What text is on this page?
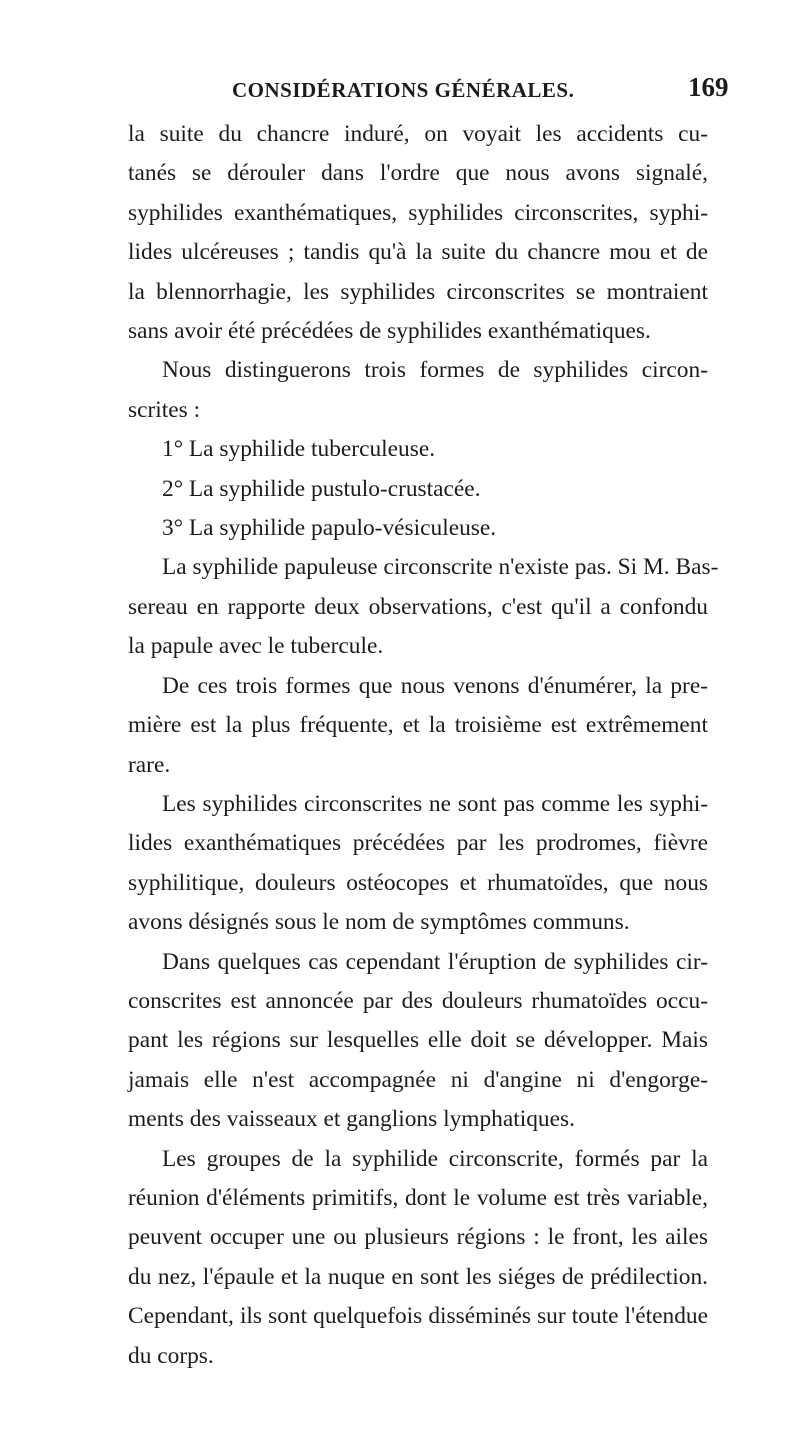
CONSIDÉRATIONS GÉNÉRALES.	169
la suite du chancre induré, on voyait les accidents cu-
tanés se dérouler dans l'ordre que nous avons signalé,
syphilides exanthématiques, syphilides circonscrites, syphi-
lides ulcéreuses ; tandis qu'à la suite du chancre mou et de
la blennorrhagie, les syphilides circonscrites se montraient
sans avoir été précédées de syphilides exanthématiques.
Nous distinguerons trois formes de syphilides circon-
scrites :
1° La syphilide tuberculeuse.
2° La syphilide pustulo-crustacée.
3° La syphilide papulo-vésiculeuse.
La syphilide papuleuse circonscrite n'existe pas. Si M. Bas-
sereau en rapporte deux observations, c'est qu'il a confondu
la papule avec le tubercule.
De ces trois formes que nous venons d'énumérer, la pre-
mière est la plus fréquente, et la troisième est extrêmement
rare.
Les syphilides circonscrites ne sont pas comme les syphi-
lides exanthématiques précédées par les prodromes, fièvre
syphilitique, douleurs ostéocopes et rhumatoïdes, que nous
avons désignés sous le nom de symptômes communs.
Dans quelques cas cependant l'éruption de syphilides cir-
conscrites est annoncée par des douleurs rhumatoïdes occu-
pant les régions sur lesquelles elle doit se développer. Mais
jamais elle n'est accompagnée ni d'angine ni d'engorge-
ments des vaisseaux et ganglions lymphatiques.
Les groupes de la syphilide circonscrite, formés par la
réunion d'éléments primitifs, dont le volume est très variable,
peuvent occuper une ou plusieurs régions : le front, les ailes
du nez, l'épaule et la nuque en sont les siéges de prédilection.
Cependant, ils sont quelquefois disséminés sur toute l'étendue
du corps.
